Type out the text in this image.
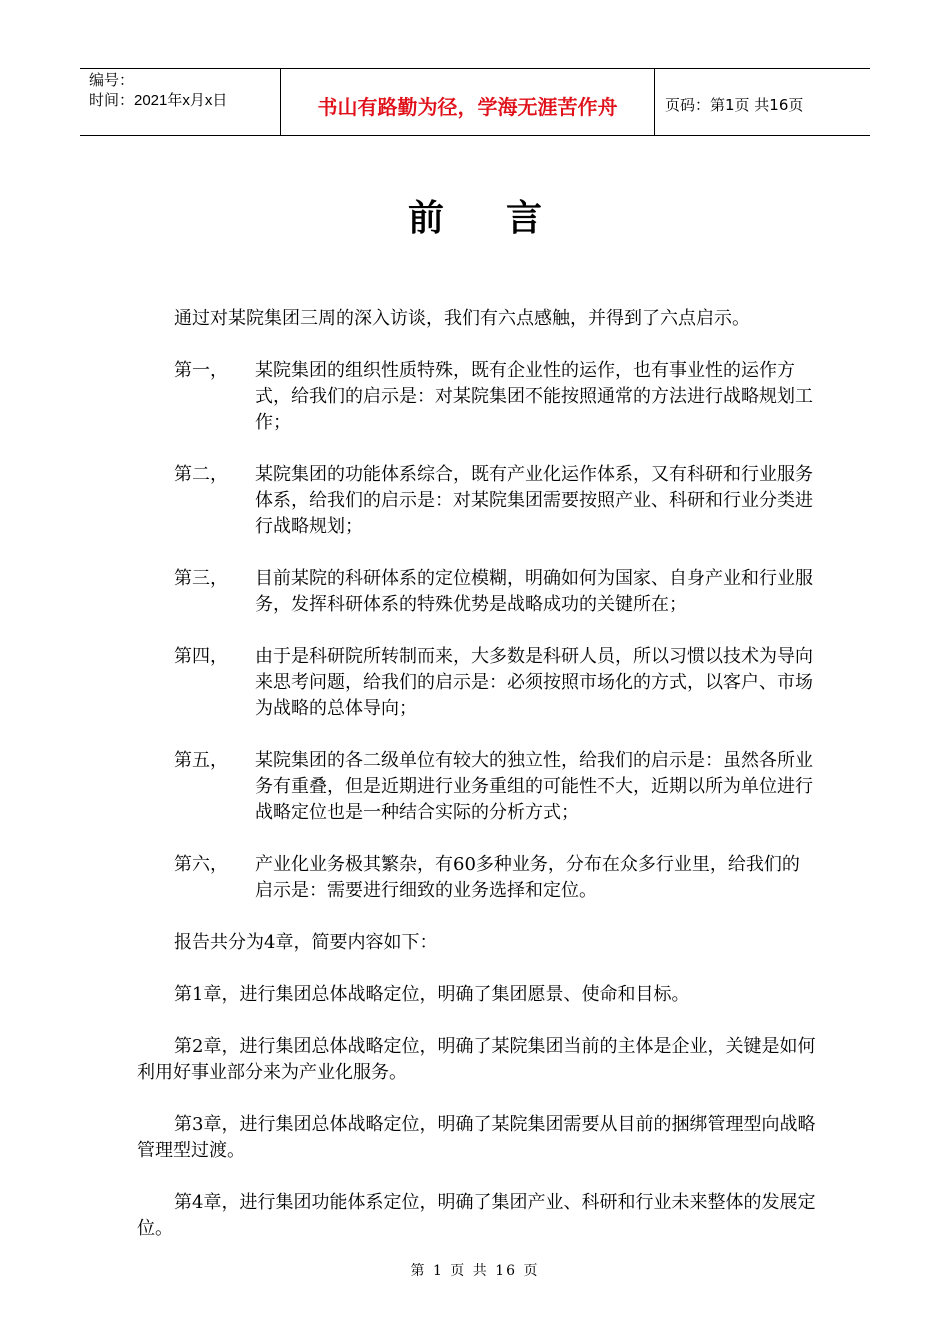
编号：
时间：2021年x月x日	书山有路勤为径，学海无涯苦作舟	页码：第1页 共16页
前言

通过对某院集团三周的深入访谈，我们有六点感触，并得到了六点启示。

第一，	某院集团的组织性质特殊，既有企业性的运作，也有事业性的运作方式，给我们的启示是：对某院集团不能按照通常的方法进行战略规划工作；
第二，	某院集团的功能体系综合，既有产业化运作体系，又有科研和行业服务体系，给我们的启示是：对某院集团需要按照产业、科研和行业分类进行战略规划；
第三，	目前某院的科研体系的定位模糊，明确如何为国家、自身产业和行业服务，发挥科研体系的特殊优势是战略成功的关键所在；
第四，	由于是科研院所转制而来，大多数是科研人员，所以习惯以技术为导向来思考问题，给我们的启示是：必须按照市场化的方式，以客户、市场为战略的总体导向；
第五，	某院集团的各二级单位有较大的独立性，给我们的启示是：虽然各所业务有重叠，但是近期进行业务重组的可能性不大，近期以所为单位进行战略定位也是一种结合实际的分析方式；
第六，	产业化业务极其繁杂，有60多种业务，分布在众多行业里，给我们的启示是：需要进行细致的业务选择和定位。

报告共分为4章，简要内容如下：

第1章，进行集团总体战略定位，明确了集团愿景、使命和目标。

第2章，进行集团总体战略定位，明确了某院集团当前的主体是企业，关键是如何利用好事业部分来为产业化服务。

第3章，进行集团总体战略定位，明确了某院集团需要从目前的捆绑管理型向战略管理型过渡。

第4章，进行集团功能体系定位，明确了集团产业、科研和行业未来整体的发展定位。

第 1 页 共 16 页
